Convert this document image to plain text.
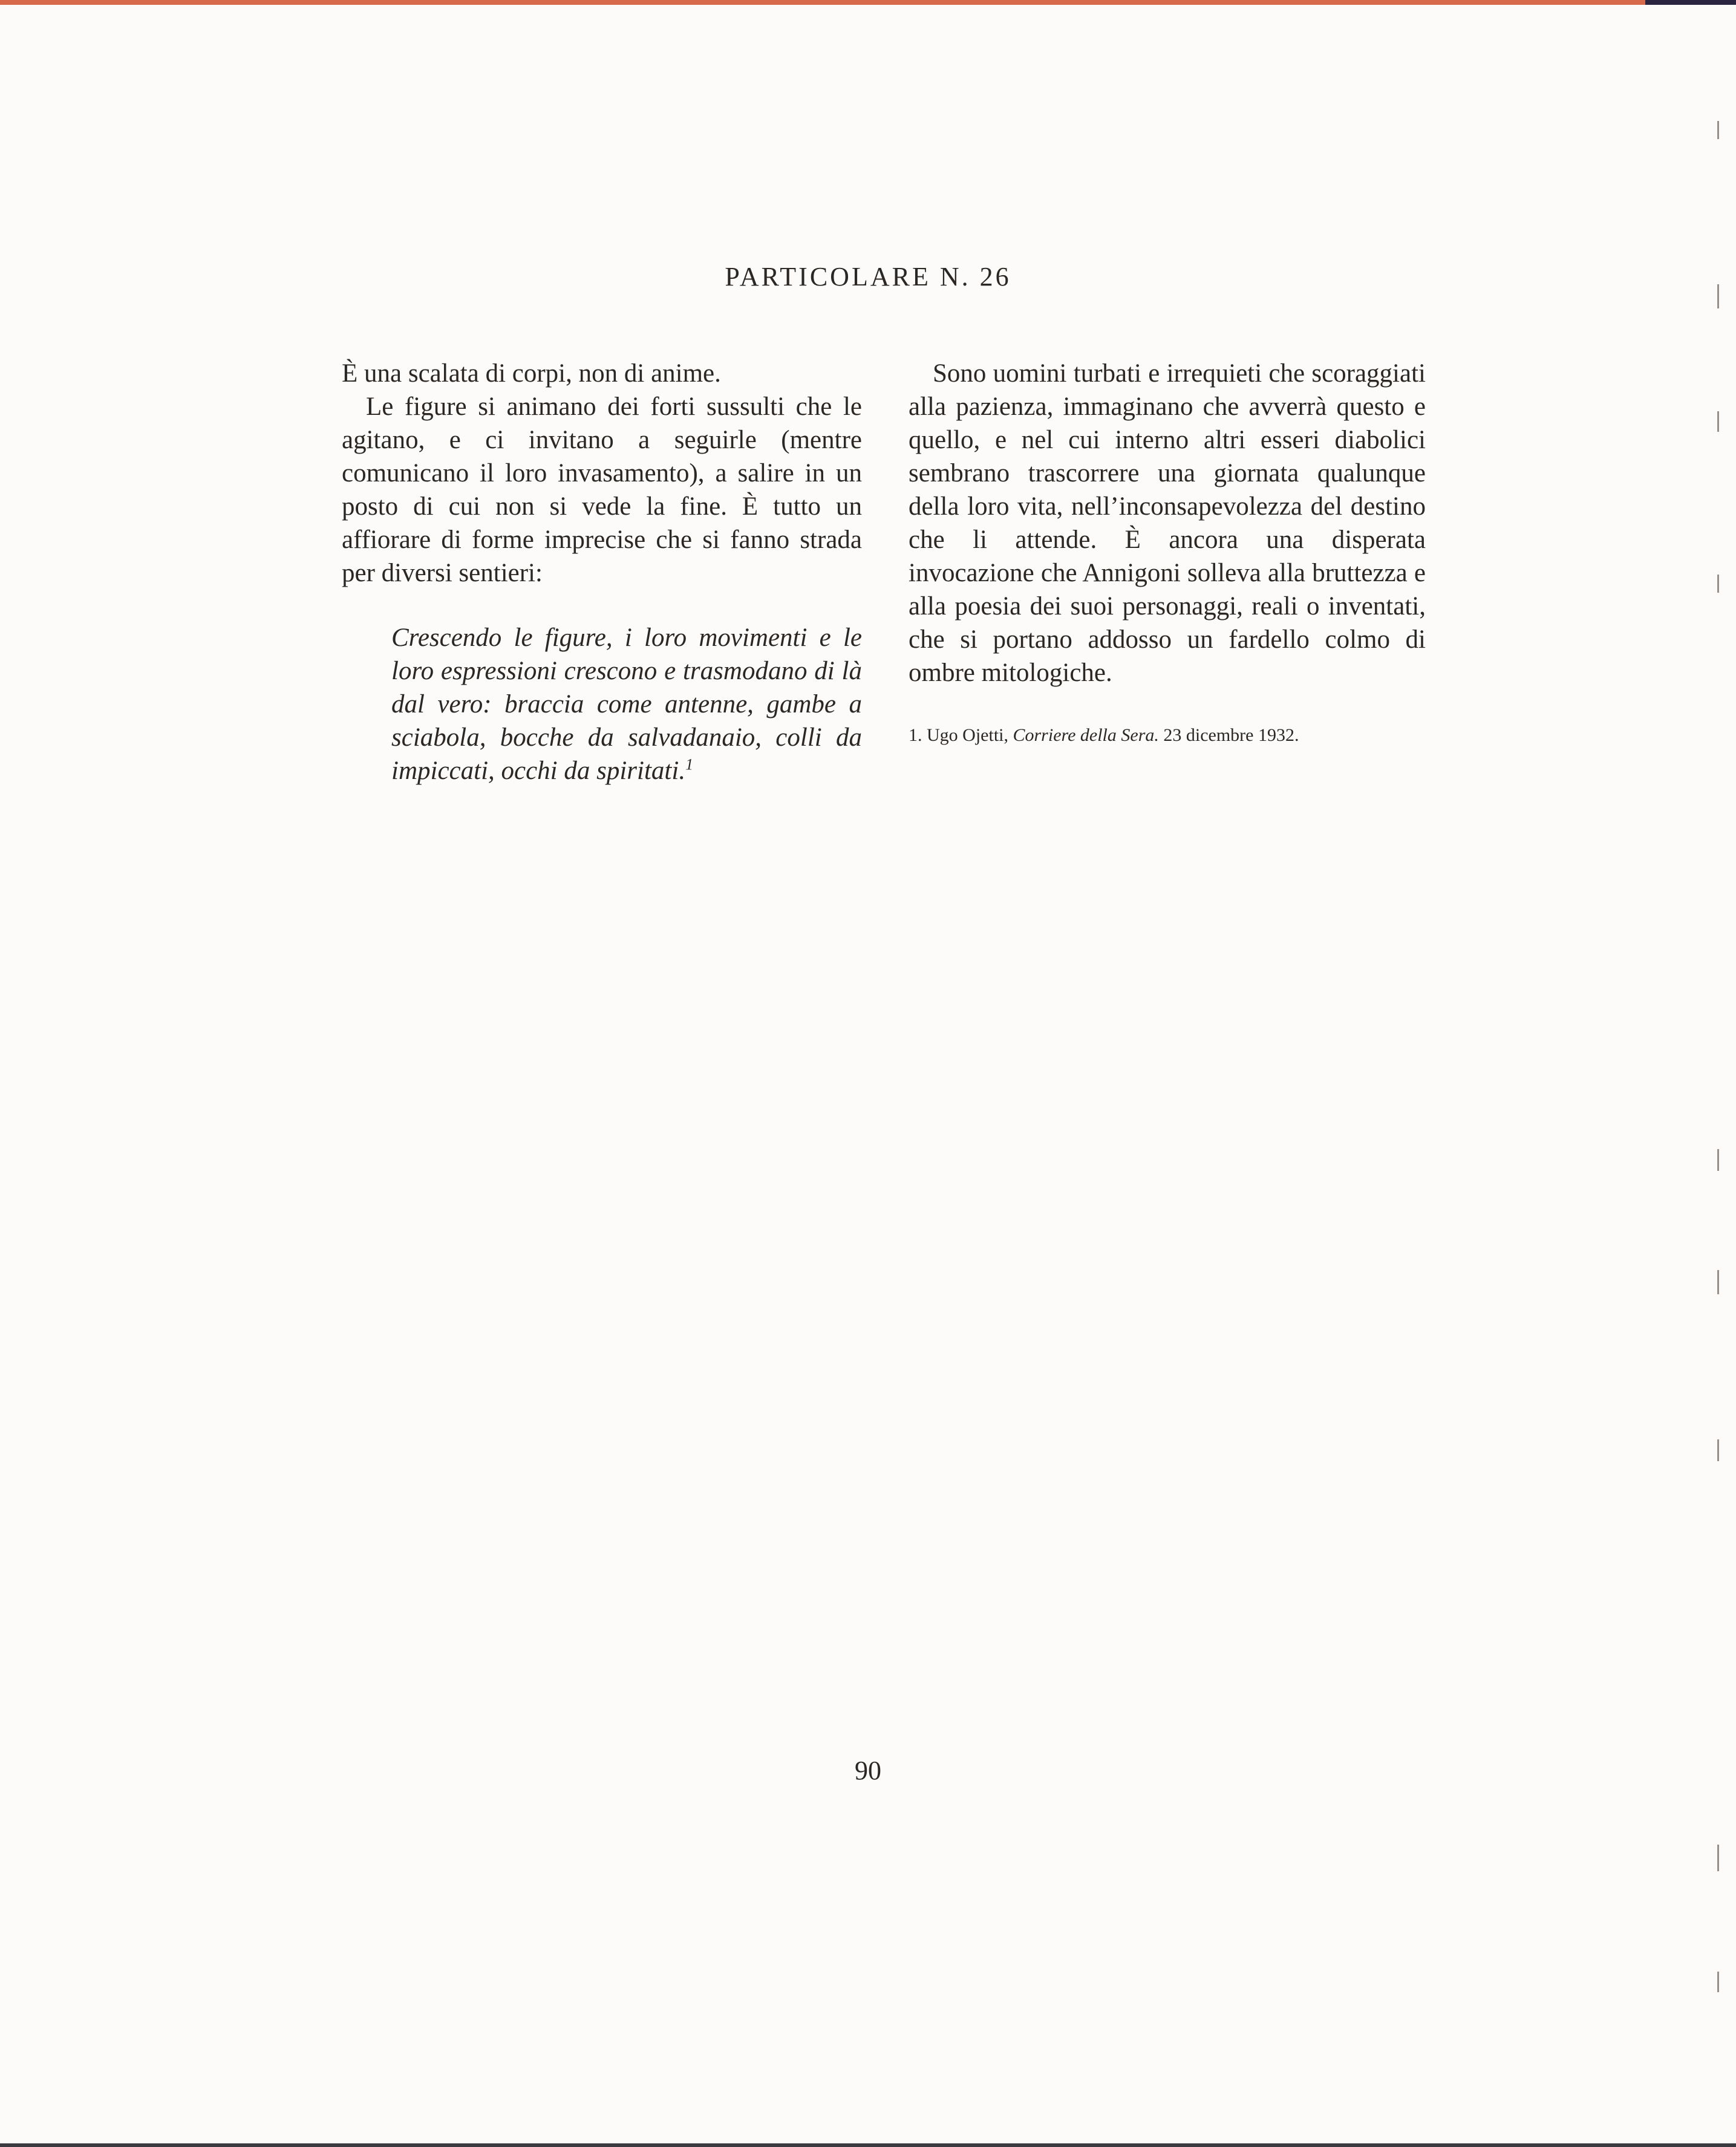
PARTICOLARE N. 26

È una scalata di corpi, non di anime.

Le figure si animano dei forti sussulti che le agitano, e ci invitano a seguirle (mentre comunicano il loro invasamento), a salire in un posto di cui non si vede la fine. È tutto un affiorare di forme imprecise che si fanno strada per diversi sentieri:

Crescendo le figure, i loro movimenti e le loro espressioni crescono e trasmodano di là dal vero: braccia come antenne, gambe a sciabola, bocche da salvadanaio, colli da impiccati, occhi da spiritati.$^1$

Sono uomini turbati e irrequieti che scoraggiati alla pazienza, immaginano che avverrà questo e quello, e nel cui interno altri esseri diabolici sembrano trascorrere una giornata qualunque della loro vita, nell’inconsapevolezza del destino che li attende. È ancora una disperata invocazione che Annigoni solleva alla bruttezza e alla poesia dei suoi personaggi, reali o inventati, che si portano addosso un fardello colmo di ombre mitologiche.

1. Ugo Ojetti, Corriere della Sera. 23 dicembre 1932.
90
